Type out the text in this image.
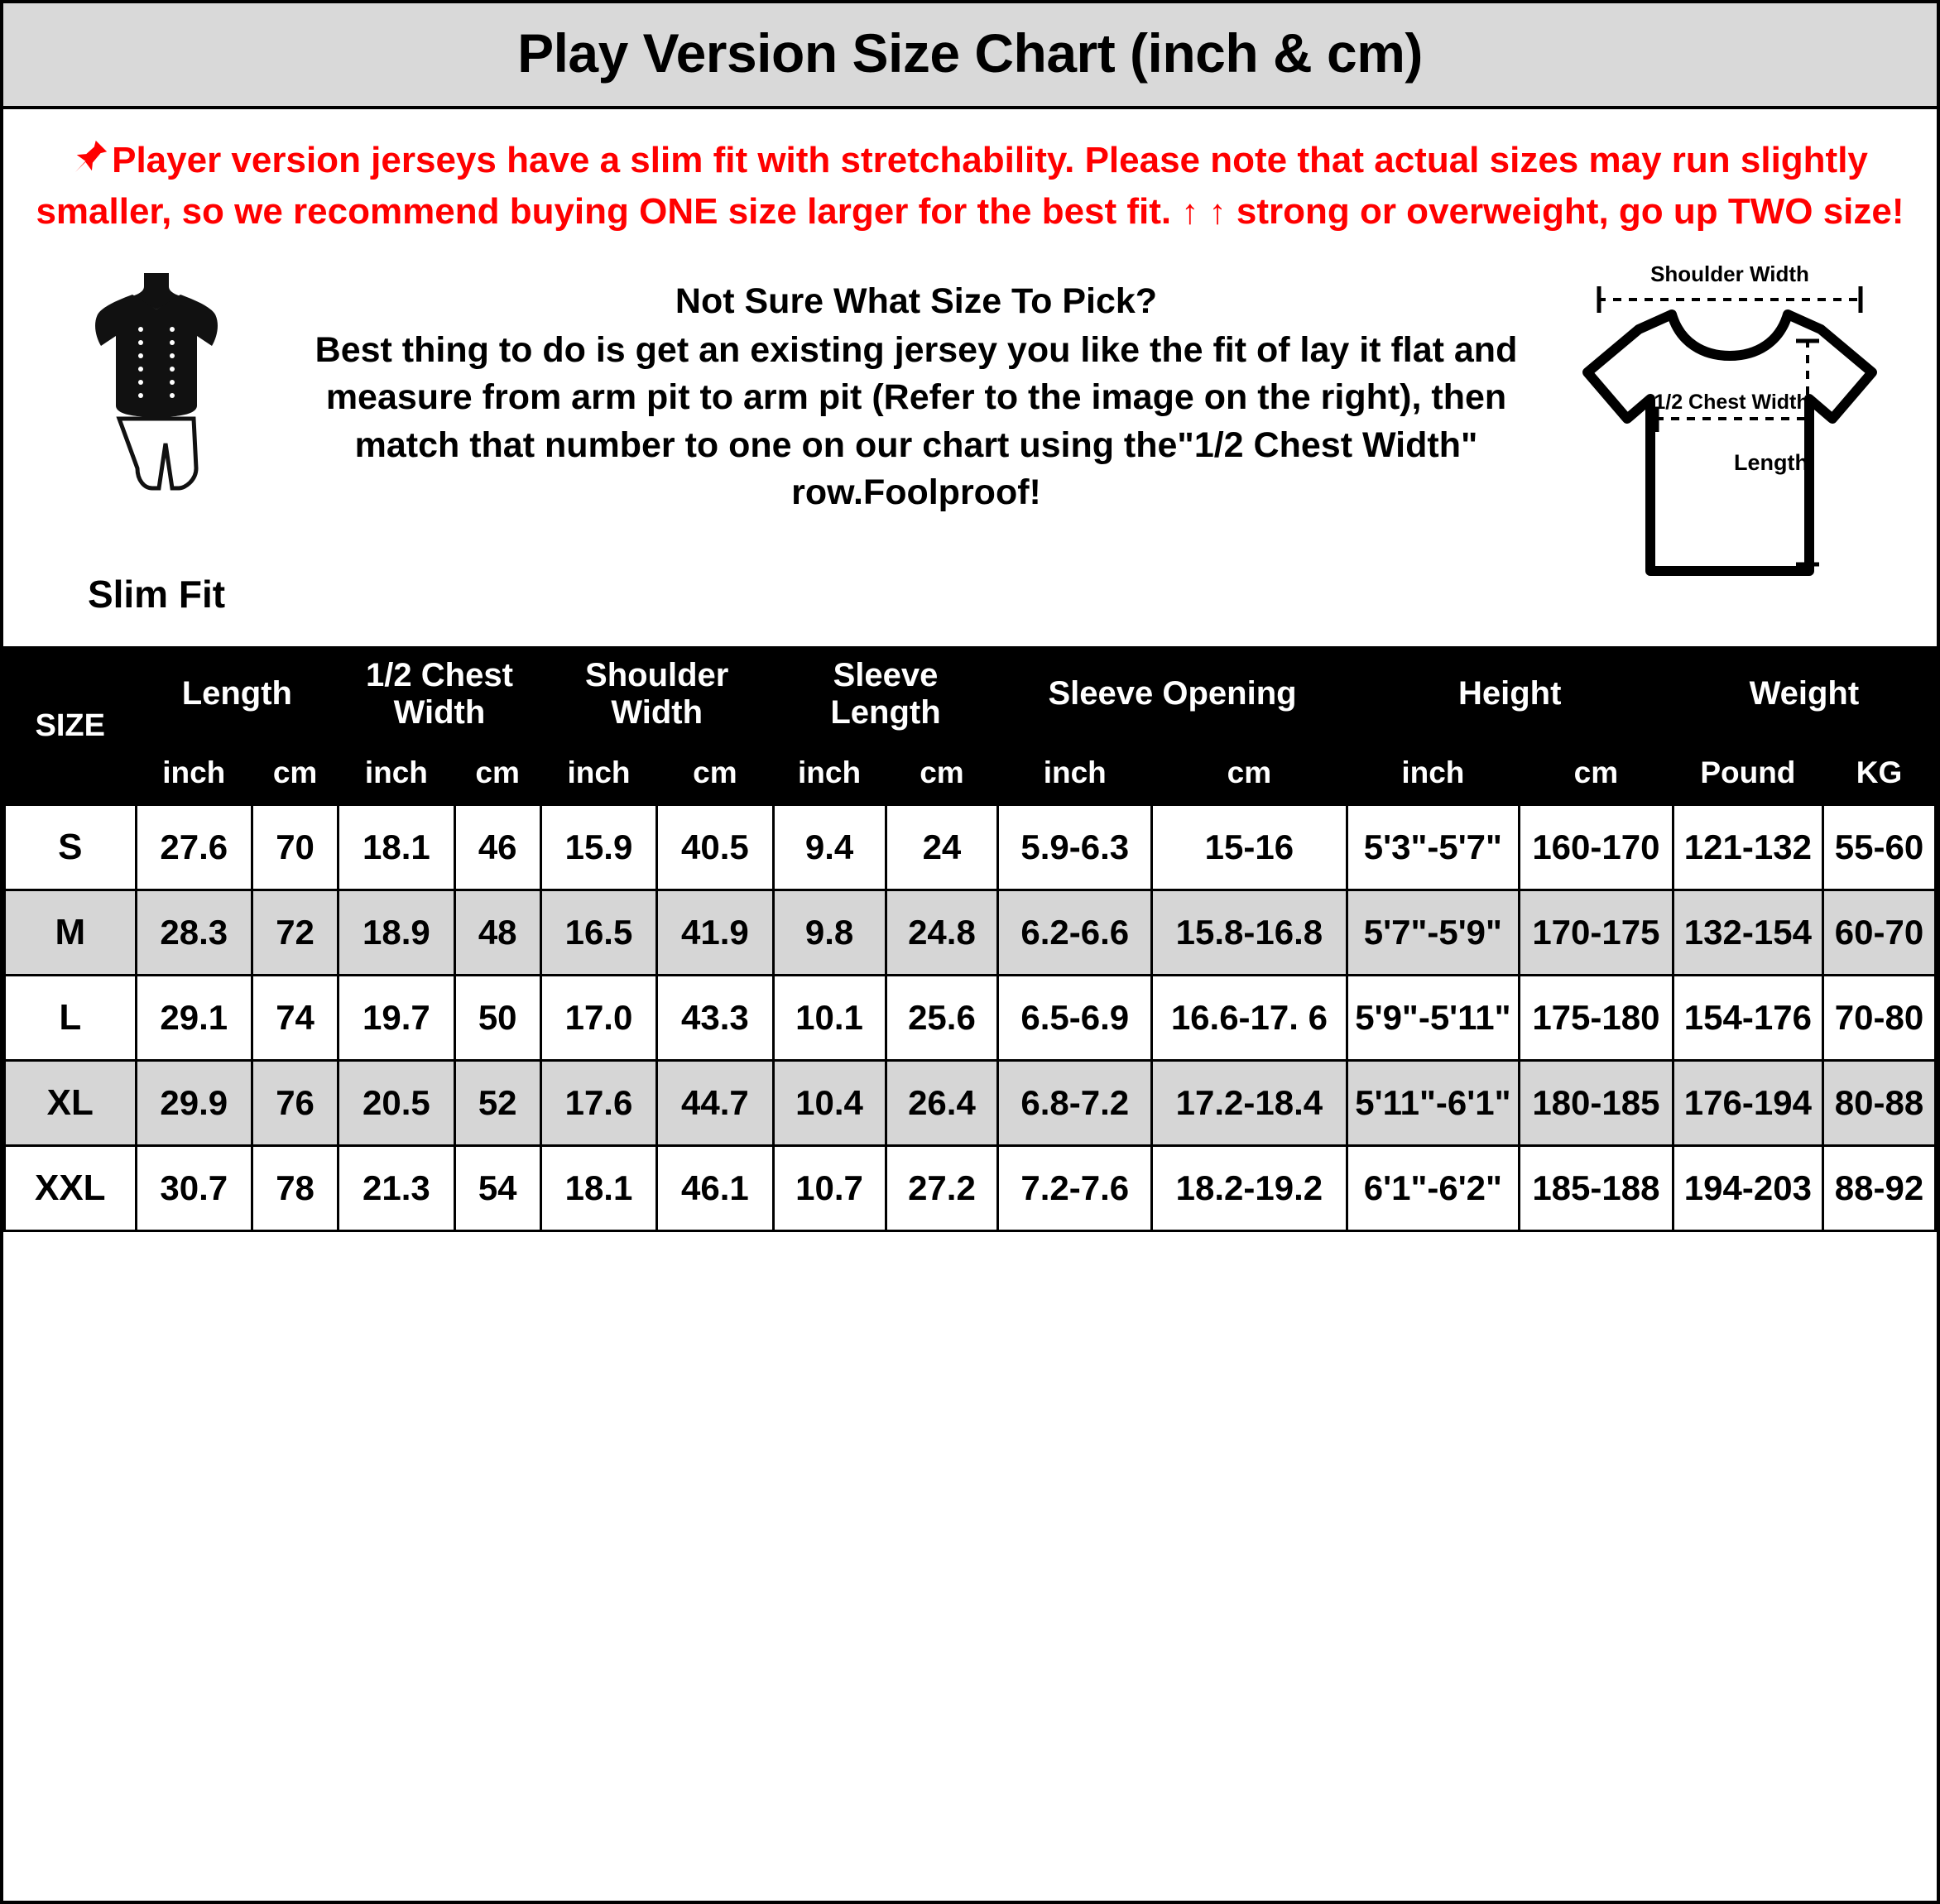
Play Version Size Chart (inch & cm)
Player version jerseys have a slim fit with stretchability. Please note that actual sizes may run slightly smaller, so we recommend buying ONE size larger for the best fit. ↑ ↑ strong or overweight, go up TWO size!
Slim Fit
Not Sure What Size To Pick?
Best thing to do is get an existing jersey you like the fit of lay it flat and measure from arm pit to arm pit (Refer to the image on the right), then match that number to one on our chart using the"1/2 Chest Width" row.Foolproof!
Shoulder Width
1/2 Chest Width
Length
SIZE	Length		1/2 Chest Width		Shoulder Width		Sleeve Length		Sleeve Opening		Height		Weight	
	inch	cm	inch	cm	inch	cm	inch	cm	inch	cm	inch	cm	Pound	KG
S	27.6	70	18.1	46	15.9	40.5	9.4	24	5.9-6.3	15-16	5'3"-5'7"	160-170	121-132	55-60
M	28.3	72	18.9	48	16.5	41.9	9.8	24.8	6.2-6.6	15.8-16.8	5'7"-5'9"	170-175	132-154	60-70
L	29.1	74	19.7	50	17.0	43.3	10.1	25.6	6.5-6.9	16.6-17. 6	5'9"-5'11"	175-180	154-176	70-80
XL	29.9	76	20.5	52	17.6	44.7	10.4	26.4	6.8-7.2	17.2-18.4	5'11"-6'1"	180-185	176-194	80-88
XXL	30.7	78	21.3	54	18.1	46.1	10.7	27.2	7.2-7.6	18.2-19.2	6'1"-6'2"	185-188	194-203	88-92
